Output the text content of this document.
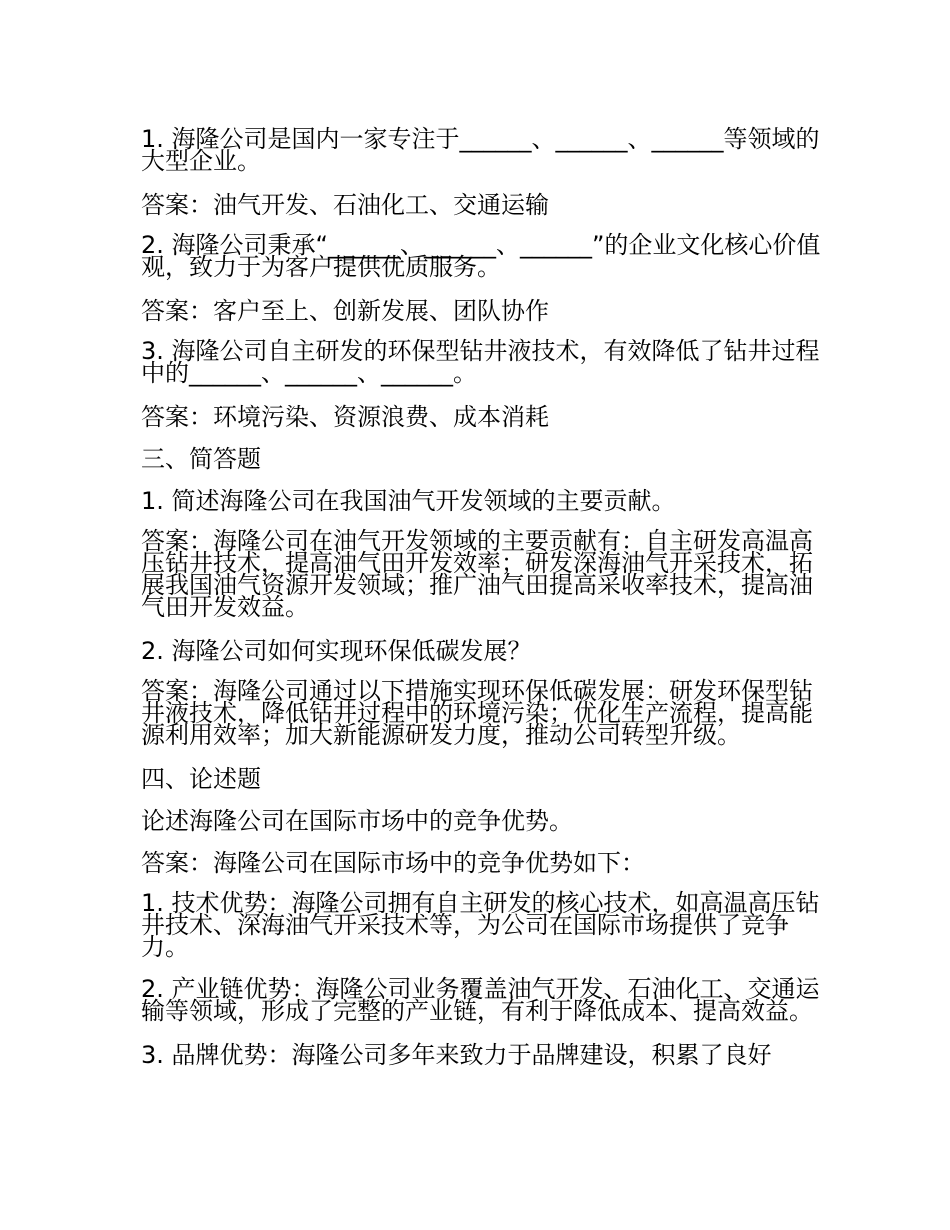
1. 海隆公司是国内一家专注于______、______、______等领域的大型企业。

答案：油气开发、石油化工、交通运输

2. 海隆公司秉承“______、______、______”的企业文化核心价值观，致力于为客户提供优质服务。

答案：客户至上、创新发展、团队协作

3. 海隆公司自主研发的环保型钻井液技术，有效降低了钻井过程中的______、______、______。

答案：环境污染、资源浪费、成本消耗

三、简答题

1. 简述海隆公司在我国油气开发领域的主要贡献。

答案：海隆公司在油气开发领域的主要贡献有：自主研发高温高压钻井技术，提高油气田开发效率；研发深海油气开采技术，拓展我国油气资源开发领域；推广油气田提高采收率技术，提高油气田开发效益。

2. 海隆公司如何实现环保低碳发展？

答案：海隆公司通过以下措施实现环保低碳发展：研发环保型钻井液技术，降低钻井过程中的环境污染；优化生产流程，提高能源利用效率；加大新能源研发力度，推动公司转型升级。

四、论述题

论述海隆公司在国际市场中的竞争优势。

答案：海隆公司在国际市场中的竞争优势如下：

1. 技术优势：海隆公司拥有自主研发的核心技术，如高温高压钻井技术、深海油气开采技术等，为公司在国际市场提供了竞争力。

2. 产业链优势：海隆公司业务覆盖油气开发、石油化工、交通运输等领域，形成了完整的产业链，有利于降低成本、提高效益。

3. 品牌优势：海隆公司多年来致力于品牌建设，积累了良好
